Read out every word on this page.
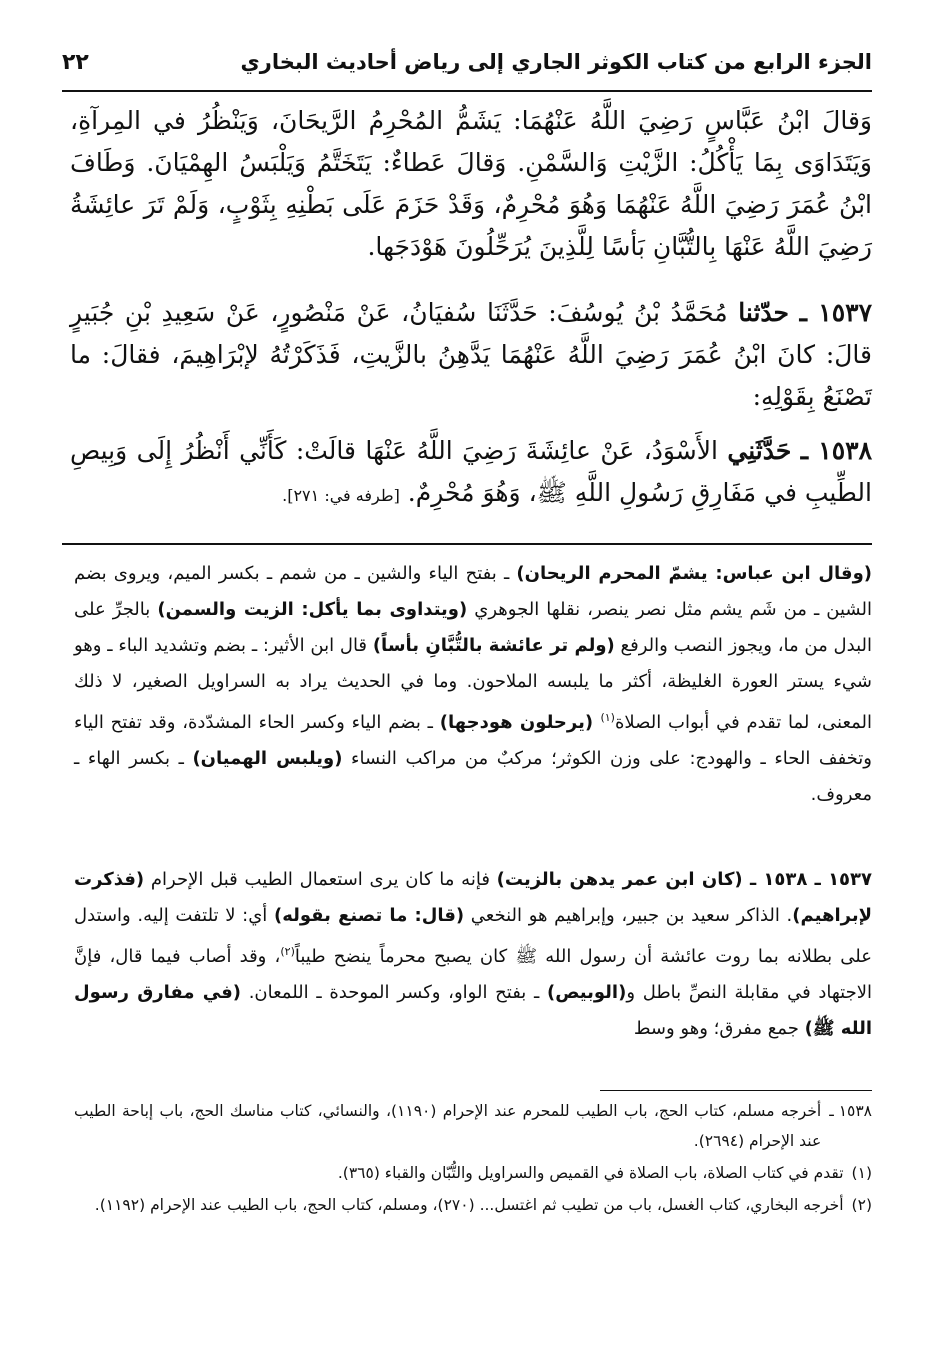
الجزء الرابع من كتاب الكوثر الجاري إلى رياض أحاديث البخاري
٢٢

وَقالَ ابْنُ عَبَّاسٍ رَضِيَ اللَّهُ عَنْهُمَا: يَشَمُّ المُحْرِمُ الرَّيحَانَ، وَيَنْظُرُ في المِرآةِ، وَيَتَدَاوَى بِمَا يَأْكُلُ: الزَّيْتِ وَالسَّمْنِ. وَقالَ عَطاءٌ: يَتَخَتَّمُ وَيَلْبَسُ الهِمْيَانَ. وَطَافَ ابْنُ عُمَرَ رَضِيَ اللَّهُ عَنْهُمَا وَهُوَ مُحْرِمٌ، وَقَدْ حَزَمَ عَلَى بَطْنِهِ بِثَوْبٍ، وَلَمْ تَرَ عائِشَةُ رَضِيَ اللَّهُ عَنْهَا بِالتُّبَّانِ بَأسًا لِلَّذِينَ يُرَحِّلُونَ هَوْدَجَها.

١٥٣٧ ـ حدّثنا مُحَمَّدُ بْنُ يُوسُفَ: حَدَّثَنَا سُفيَانُ، عَنْ مَنْصُورٍ، عَنْ سَعِيدِ بْنِ جُبَيرٍ قالَ: كانَ ابْنُ عُمَرَ رَضِيَ اللَّهُ عَنْهُمَا يَدَّهِنُ بالزَّيتِ، فَذَكَرْتُهُ لإبْرَاهِيمَ، فقالَ: ما تَصْنَعُ بِقَوْلِهِ:

١٥٣٨ ـ حَدَّثَنِي الأَسْوَدُ، عَنْ عائِشَةَ رَضِيَ اللَّهُ عَنْهَا قالَتْ: كَأَنِّي أَنْظُرُ إِلَى وَبِيصِ الطِّيبِ في مَفَارِقِ رَسُولِ اللَّهِ ﷺ، وَهُوَ مُحْرِمٌ. [طرفه في: ٢٧١].

(وقال ابن عباس: يشمّ المحرم الريحان) ـ بفتح الياء والشين ـ من شمم ـ بكسر الميم، ويروى بضم الشين ـ من شَم يشم مثل نصر ينصر، نقلها الجوهري (ويتداوى بما يأكل: الزيت والسمن) بالجرِّ على البدل من ما، ويجوز النصب والرفع (ولم تر عائشة بالتُّبَّانِ بأساً) قال ابن الأثير: ـ بضم وتشديد الباء ـ وهو شيء يستر العورة الغليظة، أكثر ما يلبسه الملاحون. وما في الحديث يراد به السراويل الصغير، لا ذلك المعنى، لما تقدم في أبواب الصلاة$^{(١)}$ (يرحلون هودجها) ـ بضم الياء وكسر الحاء المشدّدة، وقد تفتح الياء وتخفف الحاء ـ والهودج: على وزن الكوثر؛ مركبٌ من مراكب النساء (ويلبس الهميان) ـ بكسر الهاء ـ معروف.

١٥٣٧ ـ ١٥٣٨ ـ (كان ابن عمر يدهن بالزيت) فإنه ما كان يرى استعمال الطيب قبل الإحرام (فذكرت لإبراهيم). الذاكر سعيد بن جبير، وإبراهيم هو النخعي (قال: ما تصنع بقوله) أي: لا تلتفت إليه. واستدل على بطلانه بما روت عائشة أن رسول الله ﷺ كان يصبح محرماً ينضح طيباً$^{(٢)}$، وقد أصاب فيما قال، فإنَّ الاجتهاد في مقابلة النصِّ باطل و(الوبيص) ـ بفتح الواو، وكسر الموحدة ـ اللمعان. (في مفارق رسول الله ﷺ) جمع مفرق؛ وهو وسط

١٥٣٨ ـ
أخرجه مسلم، كتاب الحج، باب الطيب للمحرم عند الإحرام (١١٩٠)، والنسائي، كتاب مناسك الحج، باب إباحة الطيب عند الإحرام (٢٦٩٤).
(١)
تقدم في كتاب الصلاة، باب الصلاة في القميص والسراويل والتُّبّان والقباء (٣٦٥).
(٢)
أخرجه البخاري، كتاب الغسل، باب من تطيب ثم اغتسل... (٢٧٠)، ومسلم، كتاب الحج، باب الطيب عند الإحرام (١١٩٢).
